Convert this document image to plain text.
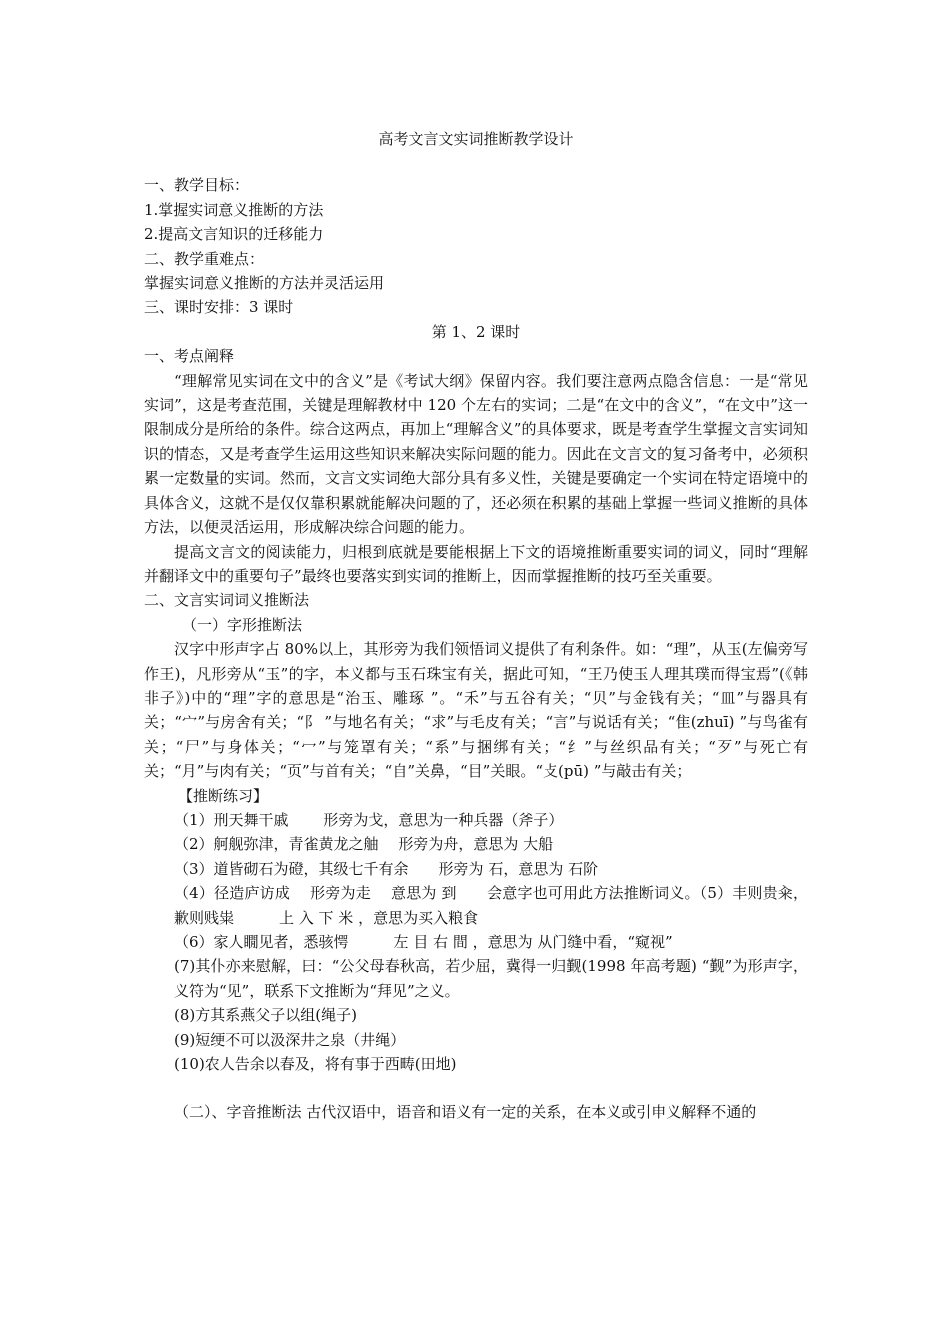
高考文言文实词推断教学设计

一、教学目标：

1.掌握实词意义推断的方法

2.提高文言知识的迁移能力

二、教学重难点：

掌握实词意义推断的方法并灵活运用

三、课时安排：3 课时

第 1、2 课时

一、考点阐释

“理解常见实词在文中的含义”是《考试大纲》保留内容。我们要注意两点隐含信息：一是“常见实词”，这是考查范围，关键是理解教材中 120 个左右的实词；二是“在文中的含义”，“在文中”这一限制成分是所给的条件。综合这两点，再加上“理解含义”的具体要求，既是考查学生掌握文言实词知识的情态，又是考查学生运用这些知识来解决实际问题的能力。因此在文言文的复习备考中，必须积累一定数量的实词。然而，文言文实词绝大部分具有多义性，关键是要确定一个实词在特定语境中的具体含义，这就不是仅仅靠积累就能解决问题的了，还必须在积累的基础上掌握一些词义推断的具体方法，以便灵活运用，形成解决综合问题的能力。

提高文言文的阅读能力，归根到底就是要能根据上下文的语境推断重要实词的词义，同时“理解并翻译文中的重要句子”最终也要落实到实词的推断上，因而掌握推断的技巧至关重要。

二、文言实词词义推断法

（一）字形推断法

汉字中形声字占 80%以上，其形旁为我们领悟词义提供了有利条件。如：“理”，从玉(左偏旁写作王)，凡形旁从“玉”的字，本义都与玉石珠宝有关，据此可知，“王乃使玉人理其璞而得宝焉”(《韩非子》)中的“理”字的意思是“治玉、雕琢 ”。“禾”与五谷有关；“贝”与金钱有关；“皿”与器具有关；“宀”与房舍有关；“阝 ”与地名有关；“求”与毛皮有关；“言”与说话有关；“隹(zhuī) ”与鸟雀有关；“尸”与身体关；“冖”与笼罩有关；“系”与捆绑有关；“纟”与丝织品有关；“歹”与死亡有关；“月”与肉有关；“页”与首有关；“自”关鼻，“目”关眼。“攴(pū) ”与敲击有关；

【推断练习】

（1）刑天舞干戚　　 形旁为戈，意思为一种兵器（斧子）

（2）舸舰弥津，青雀黄龙之舳　 形旁为舟，意思为 大船

（3）道皆砌石为磴，其级七千有余　　形旁为 石，意思为 石阶

（4）径造庐访成　 形旁为走　 意思为 到　　会意字也可用此方法推断词义。（5）丰则贵籴，歉则贱粜　　　上 入 下 米 ，意思为买入粮食

（6）家人瞯见者，悉骇愕　　　左 目 右 間 ，意思为 从门缝中看，“窥视”

(7)其仆亦来慰解，曰：“公父母春秋高，若少屈，冀得一归觐(1998 年高考题) “觐”为形声字，义符为“见”，联系下文推断为“拜见”之义。

(8)方其系燕父子以组(绳子)

(9)短绠不可以汲深井之泉（井绳）

(10)农人告余以春及，将有事于西畴(田地)

（二）、字音推断法 古代汉语中，语音和语义有一定的关系，在本义或引申义解释不通的
